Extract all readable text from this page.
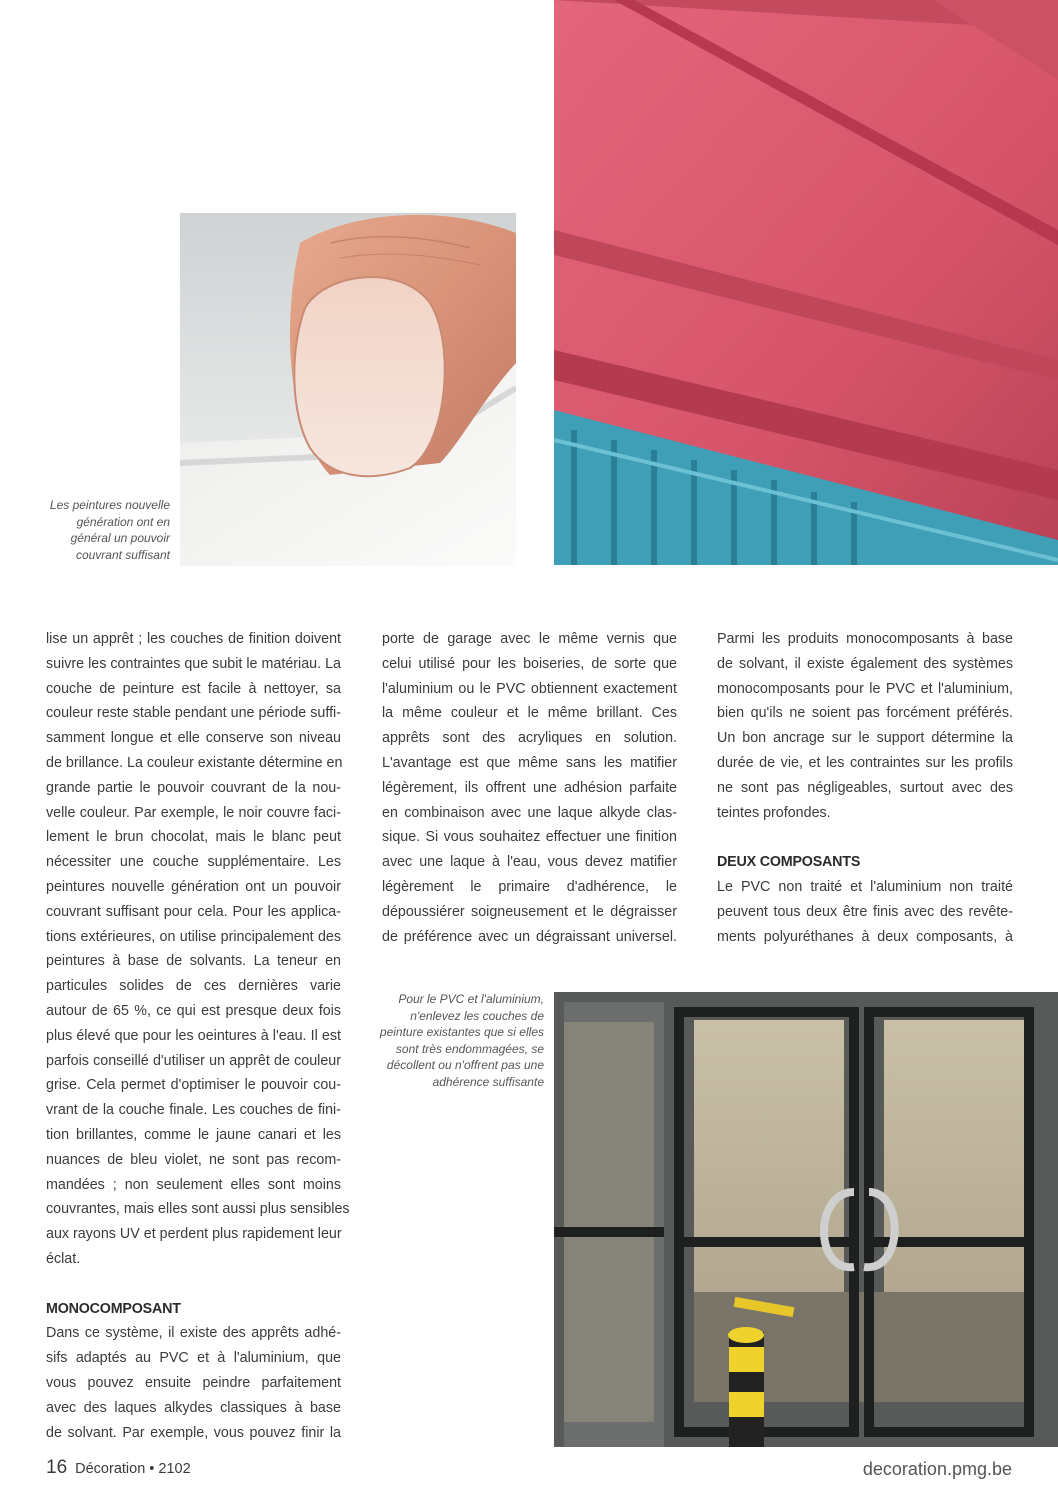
Les peintures nouvelle
génération ont en
général un pouvoir
couvrant suffisant
Pour le PVC et l'aluminium,
n'enlevez les couches de
peinture existantes que si elles
sont très endommagées, se
décollent ou n'offrent pas une
adhérence suffisante
lise un apprêt ; les couches de finition doivent
suivre les contraintes que subit le matériau. La
couche de peinture est facile à nettoyer, sa
couleur reste stable pendant une période suffi-
samment longue et elle conserve son niveau
de brillance. La couleur existante détermine en
grande partie le pouvoir couvrant de la nou-
velle couleur. Par exemple, le noir couvre faci-
lement le brun chocolat, mais le blanc peut
nécessiter une couche supplémentaire. Les
peintures nouvelle génération ont un pouvoir
couvrant suffisant pour cela. Pour les applica-
tions extérieures, on utilise principalement des
peintures à base de solvants. La teneur en
particules solides de ces dernières varie
autour de 65 %, ce qui est presque deux fois
plus élevé que pour les oeintures à l'eau. Il est
parfois conseillé d'utiliser un apprêt de couleur
grise. Cela permet d'optimiser le pouvoir cou-
vrant de la couche finale. Les couches de fini-
tion brillantes, comme le jaune canari et les
nuances de bleu violet, ne sont pas recom-
mandées ; non seulement elles sont moins
couvrantes, mais elles sont aussi plus sensibles
aux rayons UV et perdent plus rapidement leur
éclat.
MONOCOMPOSANT
Dans ce système, il existe des apprêts adhé-
sifs adaptés au PVC et à l'aluminium, que
vous pouvez ensuite peindre parfaitement
avec des laques alkydes classiques à base
de solvant. Par exemple, vous pouvez finir la
porte de garage avec le même vernis que
celui utilisé pour les boiseries, de sorte que
l'aluminium ou le PVC obtiennent exactement
la même couleur et le même brillant. Ces
apprêts sont des acryliques en solution.
L'avantage est que même sans les matifier
légèrement, ils offrent une adhésion parfaite
en combinaison avec une laque alkyde clas-
sique. Si vous souhaitez effectuer une finition
avec une laque à l'eau, vous devez matifier
légèrement le primaire d'adhérence, le
dépoussiérer soigneusement et le dégraisser
de préférence avec un dégraissant universel.
Parmi les produits monocomposants à base
de solvant, il existe également des systèmes
monocomposants pour le PVC et l'aluminium,
bien qu'ils ne soient pas forcément préférés.
Un bon ancrage sur le support détermine la
durée de vie, et les contraintes sur les profils
ne sont pas négligeables, surtout avec des
teintes profondes.
DEUX COMPOSANTS
Le PVC non traité et l'aluminium non traité
peuvent tous deux être finis avec des revête-
ments polyuréthanes à deux composants, à
16 Décoration • 2102	decoration.pmg.be
